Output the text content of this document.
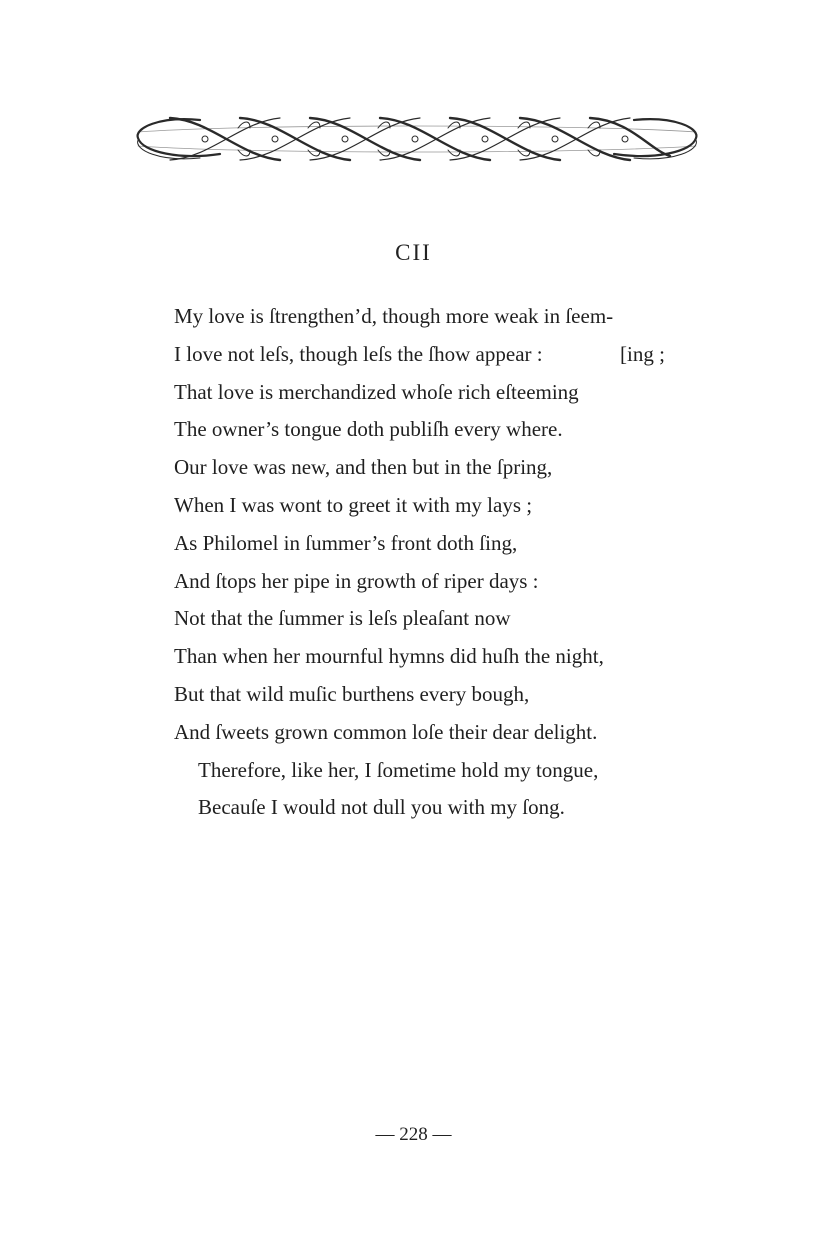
CII
My love is ſtrengthen’d, though more weak in ſeem-
I love not leſs, though leſs the ſhow appear :	[ing ;
That love is merchandized whoſe rich eſteeming
The owner’s tongue doth publiſh every where.
Our love was new, and then but in the ſpring,
When I was wont to greet it with my lays ;
As Philomel in ſummer’s front doth ſing,
And ſtops her pipe in growth of riper days :
Not that the ſummer is leſs pleaſant now
Than when her mournful hymns did huſh the night,
But that wild muſic burthens every bough,
And ſweets grown common loſe their dear delight.
Therefore, like her, I ſometime hold my tongue,
Becauſe I would not dull you with my ſong.
— 228 —
